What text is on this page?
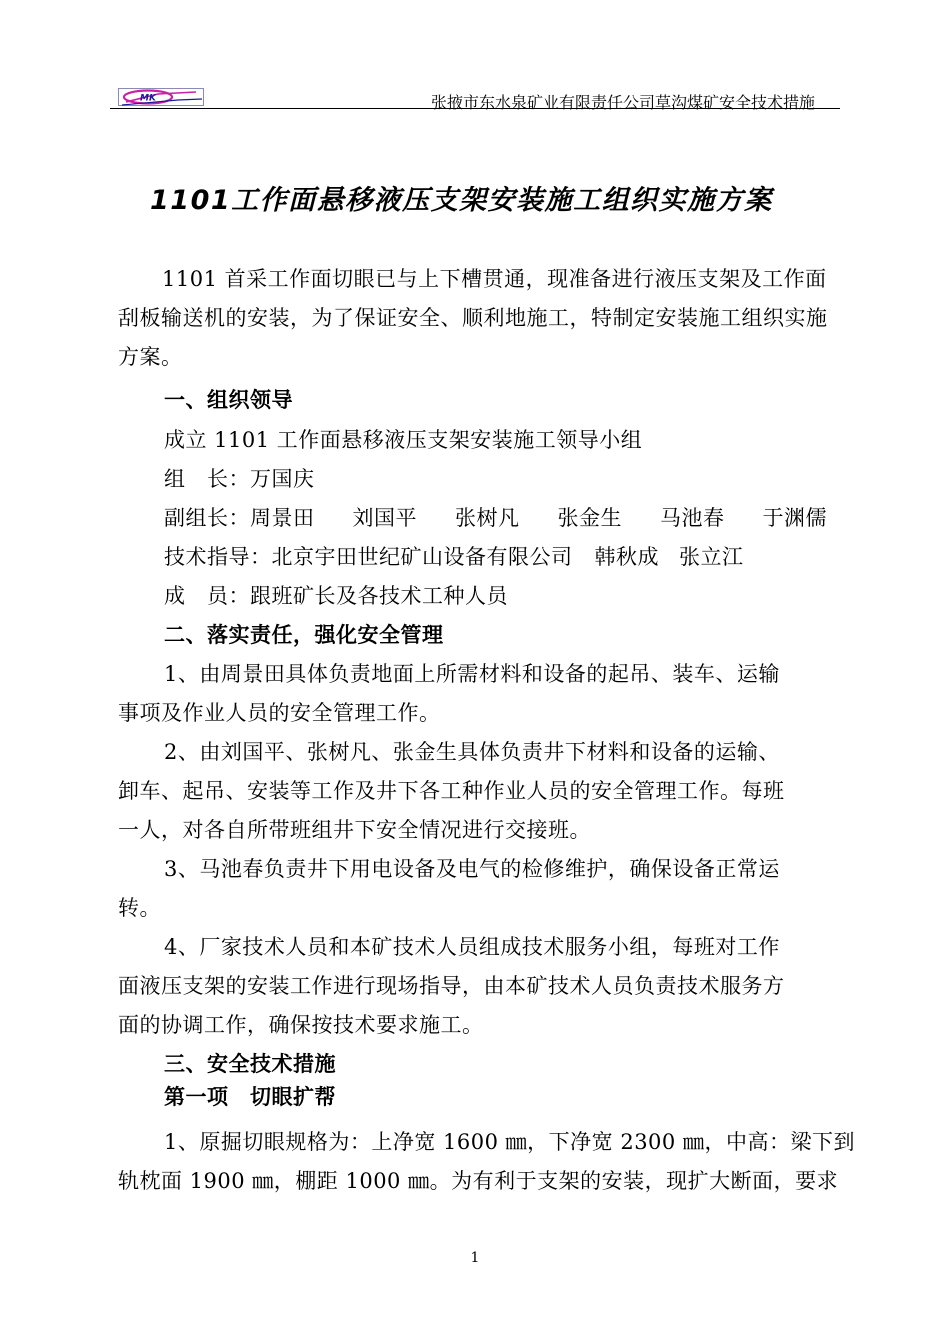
MK	张掖市东水泉矿业有限责任公司草沟煤矿安全技术措施
1101工作面悬移液压支架安装施工组织实施方案
1101 首采工作面切眼已与上下槽贯通，现准备进行液压支架及工作面
刮板输送机的安装，为了保证安全、顺利地施工，特制定安装施工组织实施
方案。
一、组织领导
成立 1101 工作面悬移液压支架安装施工领导小组
组　长：万国庆
副组长：周景田 刘国平 张树凡 张金生 马池春 于渊儒
技术指导：北京宇田世纪矿山设备有限公司 韩秋成 张立江
成　员：跟班矿长及各技术工种人员
二、落实责任，强化安全管理
1、由周景田具体负责地面上所需材料和设备的起吊、装车、运输
事项及作业人员的安全管理工作。
2、由刘国平、张树凡、张金生具体负责井下材料和设备的运输、
卸车、起吊、安装等工作及井下各工种作业人员的安全管理工作。每班
一人，对各自所带班组井下安全情况进行交接班。
3、马池春负责井下用电设备及电气的检修维护，确保设备正常运
转。
4、厂家技术人员和本矿技术人员组成技术服务小组，每班对工作
面液压支架的安装工作进行现场指导，由本矿技术人员负责技术服务方
面的协调工作，确保按技术要求施工。
三、安全技术措施
第一项　切眼扩帮
1、原掘切眼规格为：上净宽 1600 ㎜，下净宽 2300 ㎜，中高：梁下到
轨枕面 1900 ㎜，棚距 1000 ㎜。为有利于支架的安装，现扩大断面，要求
1
